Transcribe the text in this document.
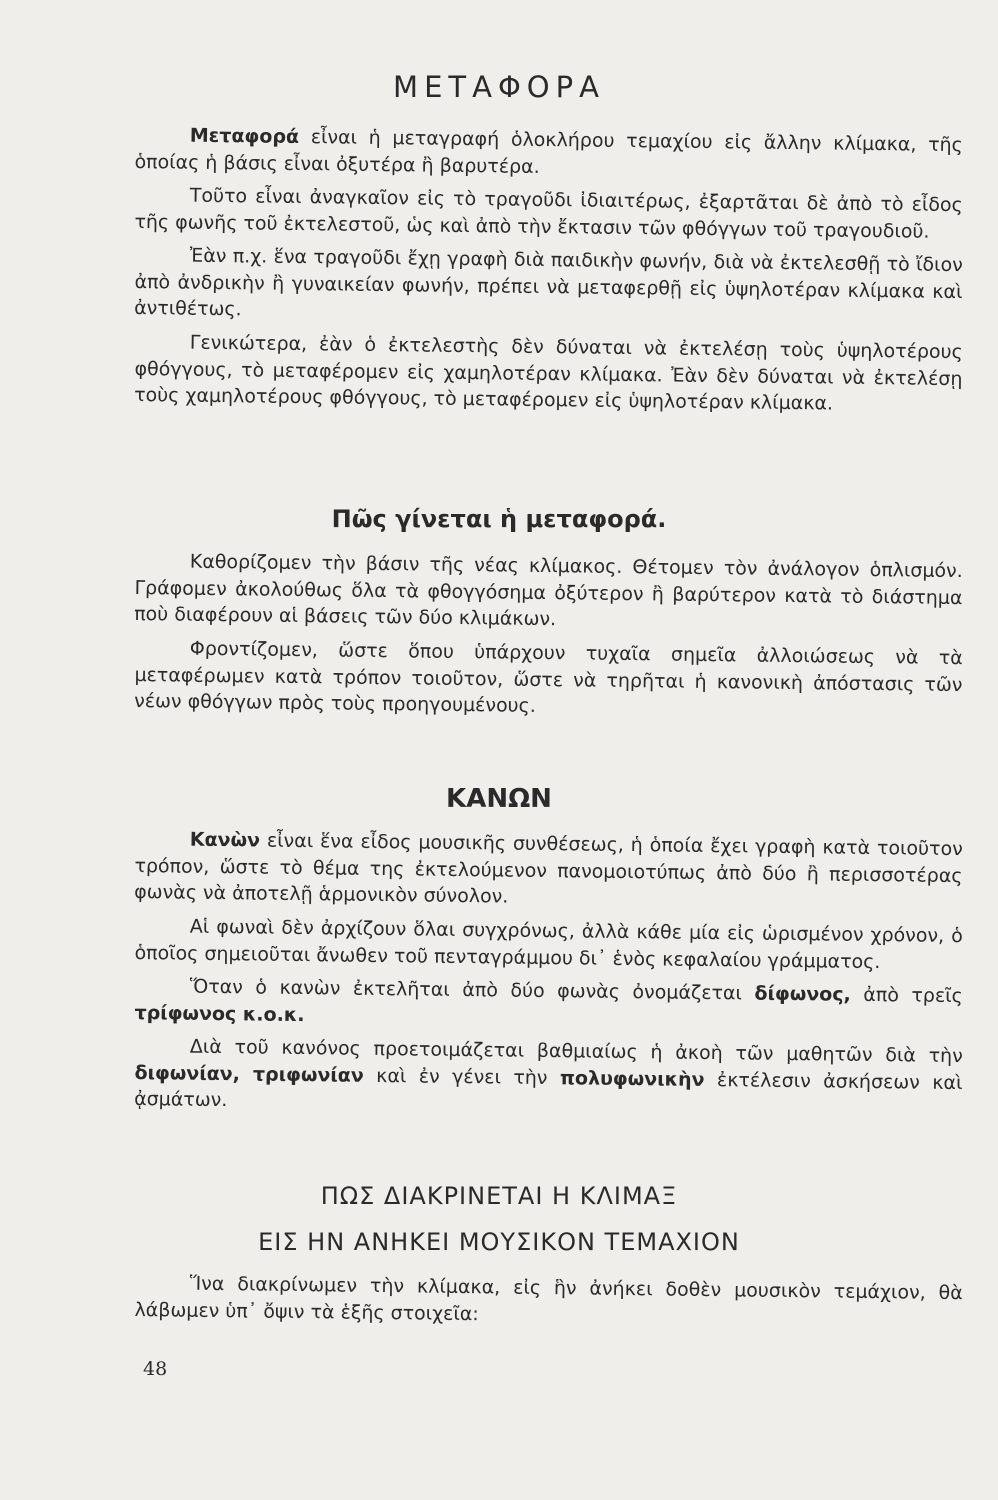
ΜΕΤΑΦΟΡΑ

Μεταφορά εἶναι ἡ μεταγραφή ὁλοκλήρου τεμαχίου εἰς ἄλλην κλίμακα, τῆς ὁποίας ἡ βάσις εἶναι ὀξυτέρα ἢ βαρυτέρα.

Τοῦτο εἶναι ἀναγκαῖον εἰς τὸ τραγοῦδι ἰδιαιτέρως, ἐξαρτᾶται δὲ ἀπὸ τὸ εἶδος τῆς φωνῆς τοῦ ἐκτελεστοῦ, ὡς καὶ ἀπὸ τὴν ἔκτασιν τῶν φθόγγων τοῦ τραγουδιοῦ.

Ἐὰν π.χ. ἕνα τραγοῦδι ἔχῃ γραφὴ διὰ παιδικὴν φωνήν, διὰ νὰ ἐκτελεσθῇ τὸ ἴδιον ἀπὸ ἀνδρικὴν ἢ γυναικείαν φωνήν, πρέπει νὰ μεταφερθῇ εἰς ὑψηλοτέραν κλίμακα καὶ ἀντιθέτως.

Γενικώτερα, ἐὰν ὁ ἐκτελεστὴς δὲν δύναται νὰ ἐκτελέσῃ τοὺς ὑψηλοτέρους φθόγγους, τὸ μεταφέρομεν εἰς χαμηλοτέραν κλίμακα. Ἐὰν δὲν δύναται νὰ ἐκτελέσῃ τοὺς χαμηλοτέρους φθόγγους, τὸ μεταφέρομεν εἰς ὑψηλοτέραν κλίμακα.

Πῶς γίνεται ἡ μεταφορά.

Καθορίζομεν τὴν βάσιν τῆς νέας κλίμακος. Θέτομεν τὸν ἀνάλογον ὁπλισμόν. Γράφομεν ἀκολούθως ὅλα τὰ φθογγόσημα ὀξύτερον ἢ βαρύτερον κατὰ τὸ διάστημα ποὺ διαφέρουν αἱ βάσεις τῶν δύο κλιμάκων.

Φροντίζομεν, ὥστε ὅπου ὑπάρχουν τυχαῖα σημεῖα ἀλλοιώσεως νὰ τὰ μεταφέρωμεν κατὰ τρόπον τοιοῦτον, ὥστε νὰ τηρῆται ἡ κανονικὴ ἀπόστασις τῶν νέων φθόγγων πρὸς τοὺς προηγουμένους.

ΚΑΝΩΝ

Κανὼν εἶναι ἕνα εἶδος μουσικῆς συνθέσεως, ἡ ὁποία ἔχει γραφὴ κατὰ τοιοῦτον τρόπον, ὥστε τὸ θέμα της ἐκτελούμενον πανομοιοτύπως ἀπὸ δύο ἢ περισσοτέρας φωνὰς νὰ ἀποτελῇ ἁρμονικὸν σύνολον.

Αἱ φωναὶ δὲν ἀρχίζουν ὅλαι συγχρόνως, ἀλλὰ κάθε μία εἰς ὡρισμένον χρόνον, ὁ ὁποῖος σημειοῦται ἄνωθεν τοῦ πενταγράμμου δι᾽ ἑνὸς κεφαλαίου γράμματος.

Ὅταν ὁ κανὼν ἐκτελῆται ἀπὸ δύο φωνὰς ὀνομάζεται δίφωνος, ἀπὸ τρεῖς τρίφωνος κ.ο.κ.

Διὰ τοῦ κανόνος προετοιμάζεται βαθμιαίως ἡ ἀκοὴ τῶν μαθητῶν διὰ τὴν διφωνίαν, τριφωνίαν καὶ ἐν γένει τὴν πολυφωνικὴν ἐκτέλεσιν ἀσκήσεων καὶ ᾀσμάτων.

ΠΩΣ ΔΙΑΚΡΙΝΕΤΑΙ Η ΚΛΙΜΑΞ
ΕΙΣ ΗΝ ΑΝΗΚΕΙ ΜΟΥΣΙΚΟΝ ΤΕΜΑΧΙΟΝ

Ἵνα διακρίνωμεν τὴν κλίμακα, εἰς ἣν ἀνήκει δοθὲν μουσικὸν τεμάχιον, θὰ λάβωμεν ὑπ᾽ ὄψιν τὰ ἑξῆς στοιχεῖα:

48
